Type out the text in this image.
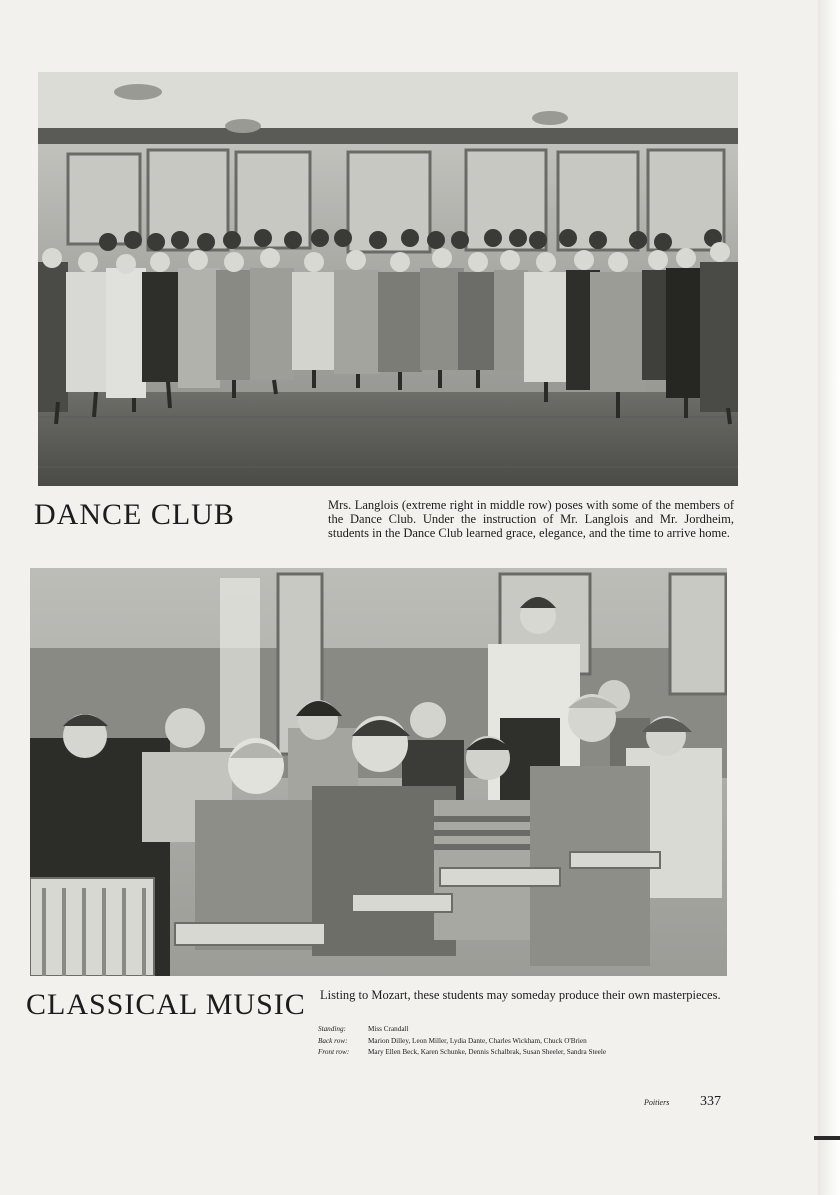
DANCE CLUB	Mrs. Langlois (extreme right in middle row) poses with some of the members of the Dance Club. Under the instruction of Mr. Langlois and Mr. Jordheim, students in the Dance Club learned grace, elegance, and the time to arrive home.

CLASSICAL MUSIC Listing to Mozart, these students may someday produce their own masterpieces.

Standing:	Miss Crandall
Back row:	Marion Dilley, Leon Miller, Lydia Dante, Charles Wickham, Chuck O'Brien
Front row:	Mary Ellen Beck, Karen Schunke, Dennis Schalbrak, Susan Sheeler, Sandra Steele
Poitiers 337
